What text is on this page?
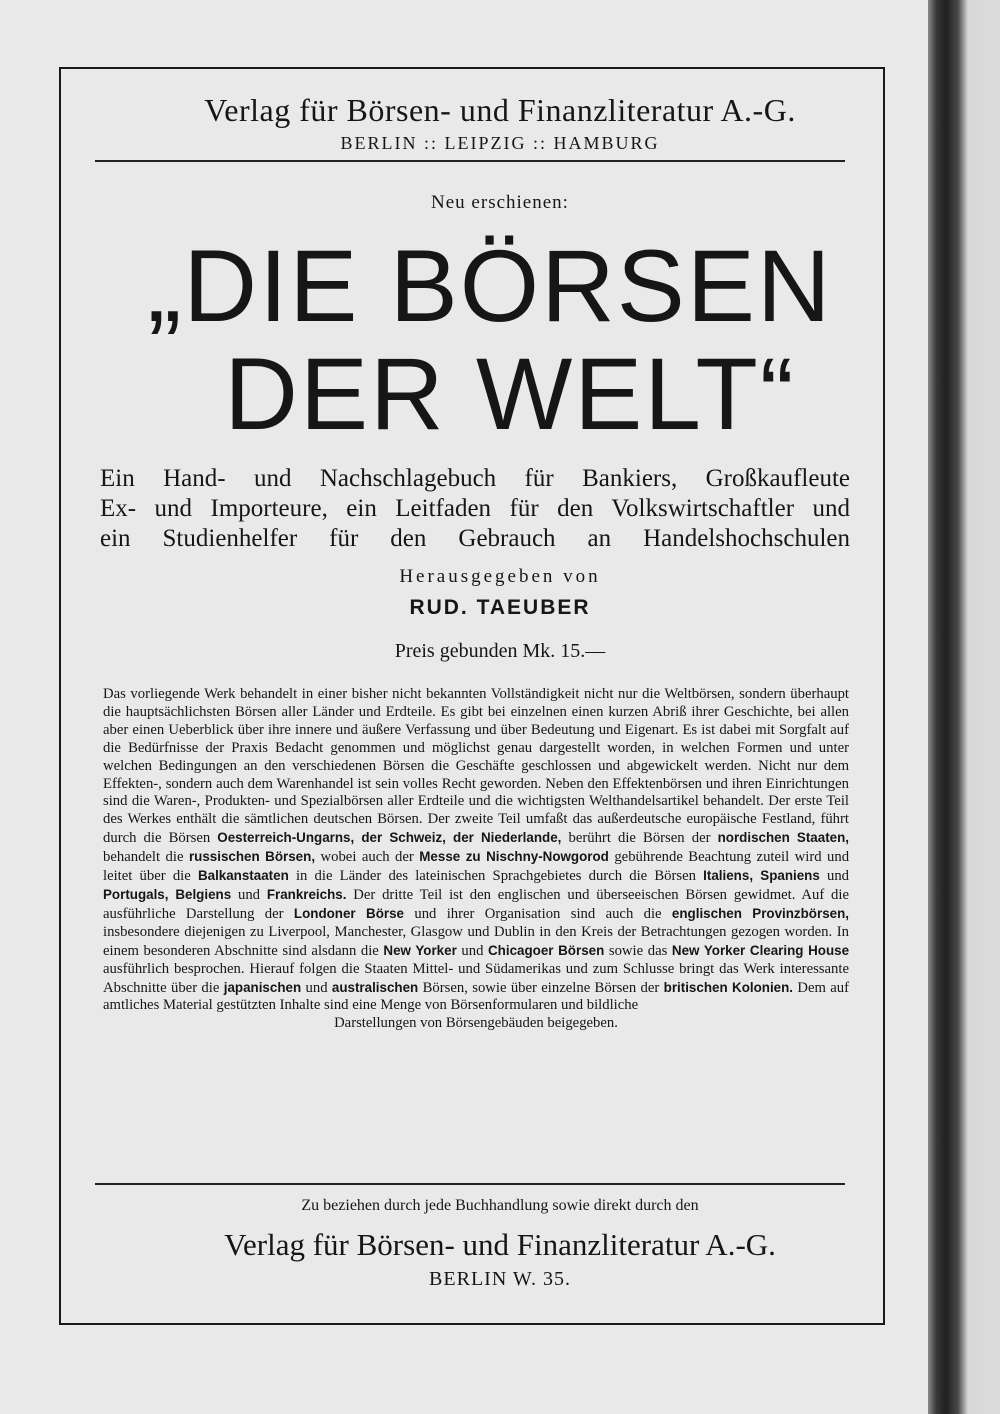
Verlag für Börsen- und Finanzliteratur A.-G.
BERLIN :: LEIPZIG :: HAMBURG
Neu erschienen:
„DIE BÖRSEN
DER WELT“
Ein Hand- und Nachschlagebuch für Bankiers, Großkaufleute
Ex- und Importeure, ein Leitfaden für den Volkswirtschaftler und
ein Studienhelfer für den Gebrauch an Handelshochschulen
Herausgegeben von
RUD. TAEUBER
Preis gebunden Mk. 15.—
Das vorliegende Werk behandelt in einer bisher nicht bekannten Vollständigkeit nicht nur die Weltbörsen, sondern überhaupt die hauptsächlichsten Börsen aller Länder und Erdteile. Es gibt bei einzelnen einen kurzen Abriß ihrer Geschichte, bei allen aber einen Ueberblick über ihre innere und äußere Verfassung und über Bedeutung und Eigenart. Es ist dabei mit Sorgfalt auf die Bedürfnisse der Praxis Bedacht genommen und möglichst genau dargestellt worden, in welchen Formen und unter welchen Bedingungen an den verschiedenen Börsen die Geschäfte geschlossen und abgewickelt werden. Nicht nur dem Effekten-, sondern auch dem Warenhandel ist sein volles Recht geworden. Neben den Effektenbörsen und ihren Einrichtungen sind die Waren-, Produkten- und Spezialbörsen aller Erdteile und die wichtigsten Welthandelsartikel behandelt. Der erste Teil des Werkes enthält die sämtlichen deutschen Börsen. Der zweite Teil umfaßt das außerdeutsche europäische Festland, führt durch die Börsen Oesterreich-Ungarns, der Schweiz, der Niederlande, berührt die Börsen der nordischen Staaten, behandelt die russischen Börsen, wobei auch der Messe zu Nischny-Nowgorod gebührende Beachtung zuteil wird und leitet über die Balkanstaaten in die Länder des lateinischen Sprachgebietes durch die Börsen Italiens, Spaniens und Portugals, Belgiens und Frankreichs. Der dritte Teil ist den englischen und überseeischen Börsen gewidmet. Auf die ausführliche Darstellung der Londoner Börse und ihrer Organisation sind auch die englischen Provinzbörsen, insbesondere diejenigen zu Liverpool, Manchester, Glasgow und Dublin in den Kreis der Betrachtungen gezogen worden. In einem besonderen Abschnitte sind alsdann die New Yorker und Chicagoer Börsen sowie das New Yorker Clearing House ausführlich besprochen. Hierauf folgen die Staaten Mittel- und Südamerikas und zum Schlusse bringt das Werk interessante Abschnitte über die japanischen und australischen Börsen, sowie über einzelne Börsen der britischen Kolonien. Dem auf amtliches Material gestützten Inhalte sind eine Menge von Börsenformularen und bildliche
Darstellungen von Börsengebäuden beigegeben.
Zu beziehen durch jede Buchhandlung sowie direkt durch den
Verlag für Börsen- und Finanzliteratur A.-G.
BERLIN W. 35.
